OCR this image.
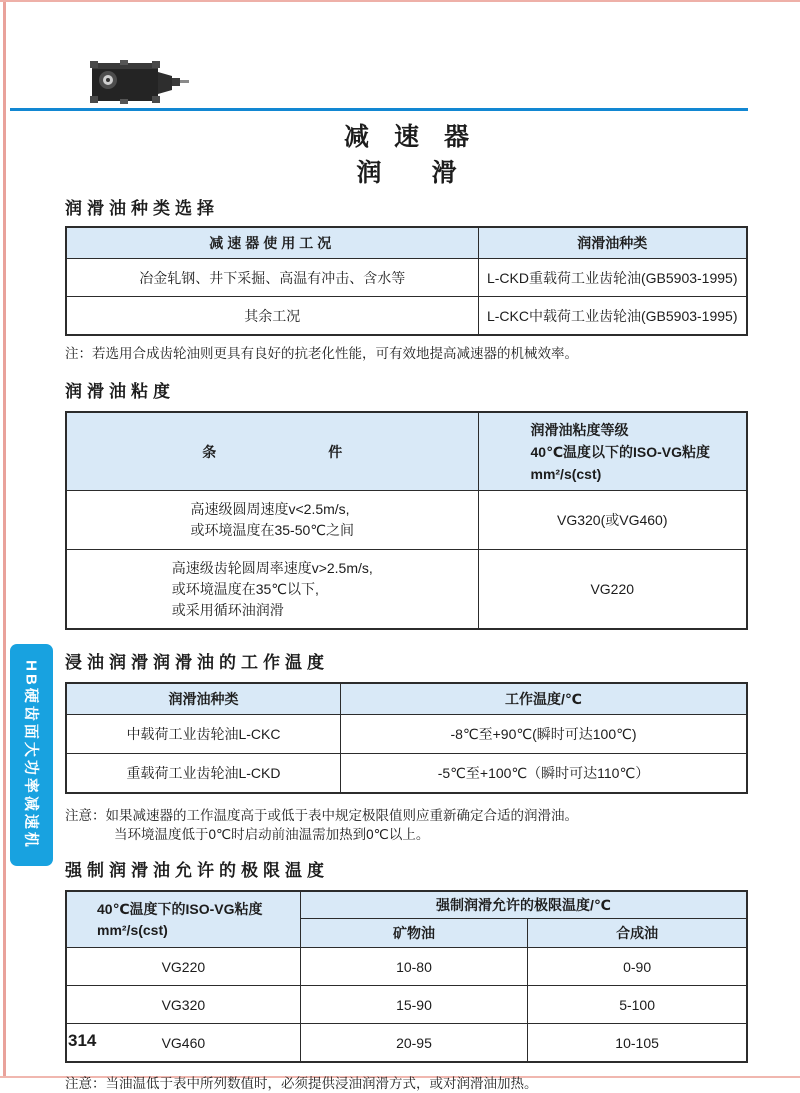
减　速　器
润　　滑
润滑油种类选择
减速器使用工况	润滑油种类
冶金轧钢、井下采掘、高温有冲击、含水等	L-CKD重载荷工业齿轮油(GB5903-1995)
其余工况	L-CKC中载荷工业齿轮油(GB5903-1995)

注：若选用合成齿轮油则更具有良好的抗老化性能，可有效地提高减速器的机械效率。

润滑油粘度
条　　　　　　　　件	润滑油粘度等级
40℃温度以下的ISO-VG粘度
mm²/s(cst)

高速级圆周速度v<2.5m/s,
或环境温度在35-50℃之间	VG320(或VG460)

高速级齿轮圆周率速度v>2.5m/s,
或环境温度在35℃以下,
或采用循环油润滑	VG220
浸油润滑润滑油的工作温度
润滑油种类	工作温度/℃
中载荷工业齿轮油L-CKC	-8℃至+90℃(瞬时可达100℃)
重载荷工业齿轮油L-CKD	-5℃至+100℃（瞬时可达110℃）

注意：如果减速器的工作温度高于或低于表中规定极限值则应重新确定合适的润滑油。

当环境温度低于0℃时启动前油温需加热到0℃以上。

强制润滑油允许的极限温度
40℃温度下的ISO-VG粘度
mm²/s(cst)	强制润滑允许的极限温度/℃	
	矿物油	合成油
VG220	10-80	0-90
VG320	15-90	5-100
VG460	20-95	10-105

注意：当油温低于表中所列数值时，必须提供浸油润滑方式，或对润滑油加热。

HB硬齿面大功率减速机
314
